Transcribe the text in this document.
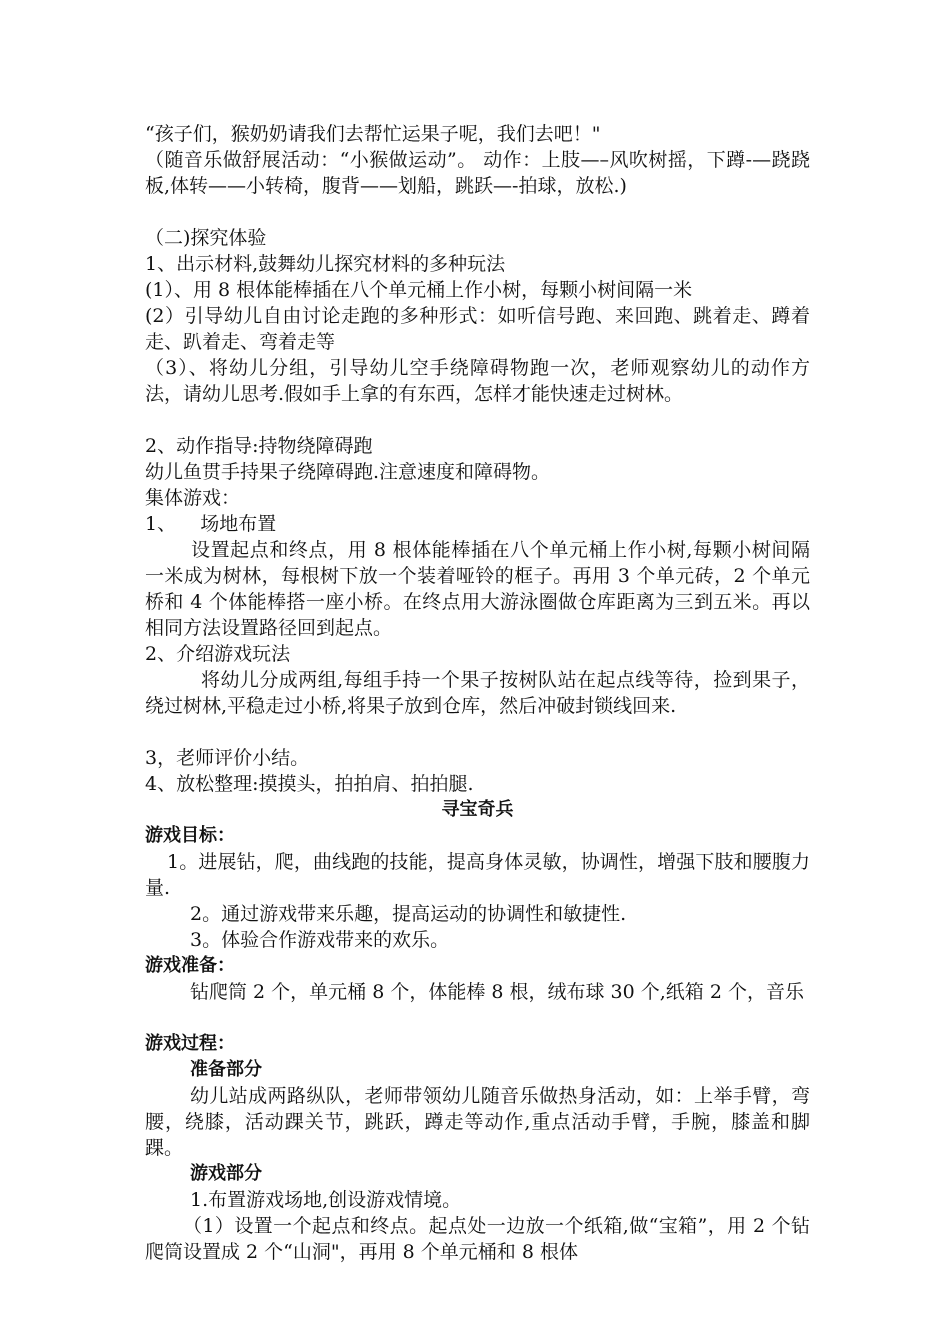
“孩子们，猴奶奶请我们去帮忙运果子呢，我们去吧！"
（随音乐做舒展活动：“小猴做运动”。 动作：上肢—–风吹树摇，下蹲-—跷跷板,体转——小转椅，腹背——划船，跳跃—-拍球，放松.)
（二)探究体验
1、出示材料,鼓舞幼儿探究材料的多种玩法
(1）、用 8 根体能棒插在八个单元桶上作小树，每颗小树间隔一米
(2）引导幼儿自由讨论走跑的多种形式：如听信号跑、来回跑、跳着走、蹲着走、趴着走、弯着走等
（3）、将幼儿分组，引导幼儿空手绕障碍物跑一次，老师观察幼儿的动作方法，请幼儿思考.假如手上拿的有东西，怎样才能快速走过树林。
2、动作指导:持物绕障碍跑
幼儿鱼贯手持果子绕障碍跑.注意速度和障碍物。
集体游戏：
1、    场地布置
设置起点和终点，用 8 根体能棒插在八个单元桶上作小树,每颗小树间隔一米成为树林，每根树下放一个装着哑铃的框子。再用 3 个单元砖，2 个单元桥和 4 个体能棒搭一座小桥。在终点用大游泳圈做仓库距离为三到五米。再以相同方法设置路径回到起点。
2、介绍游戏玩法
将幼儿分成两组,每组手持一个果子按树队站在起点线等待，捡到果子，绕过树林,平稳走过小桥,将果子放到仓库，然后冲破封锁线回来.
3，老师评价小结。
4、放松整理:摸摸头，拍拍肩、拍拍腿.
寻宝奇兵
游戏目标：
1。进展钻，爬，曲线跑的技能，提高身体灵敏，协调性，增强下肢和腰腹力量.
2。通过游戏带来乐趣，提高运动的协调性和敏捷性.
3。体验合作游戏带来的欢乐。
游戏准备：
钻爬筒 2 个，单元桶 8 个，体能棒 8 根，绒布球 30 个,纸箱 2 个，音乐
游戏过程：
准备部分
幼儿站成两路纵队，老师带领幼儿随音乐做热身活动，如：上举手臂，弯腰，绕膝，活动踝关节，跳跃，蹲走等动作,重点活动手臂，手腕，膝盖和脚踝。
游戏部分
1.布置游戏场地,创设游戏情境。
（1）设置一个起点和终点。起点处一边放一个纸箱,做“宝箱”，用 2 个钻爬筒设置成 2 个“山洞"，再用 8 个单元桶和 8 根体
